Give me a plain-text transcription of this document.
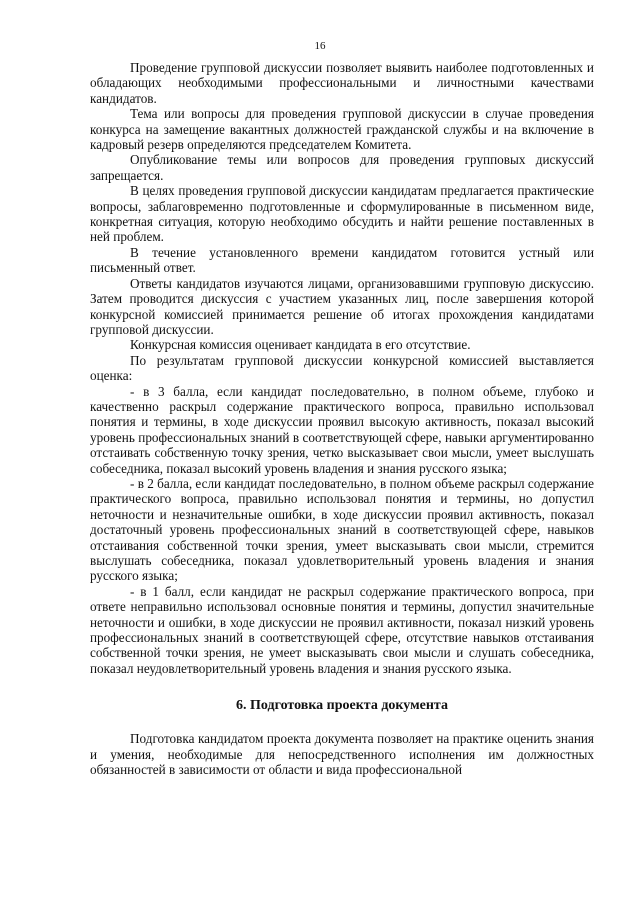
16

Проведение групповой дискуссии позволяет выявить наиболее подготовленных и обладающих необходимыми профессиональными и личностными качествами кандидатов.

Тема или вопросы для проведения групповой дискуссии в случае проведения конкурса на замещение вакантных должностей гражданской службы и на включение в кадровый резерв определяются председателем Комитета.

Опубликование темы или вопросов для проведения групповых дискуссий запрещается.

В целях проведения групповой дискуссии кандидатам предлагается практические вопросы, заблаговременно подготовленные и сформулированные в письменном виде, конкретная ситуация, которую необходимо обсудить и найти решение поставленных в ней проблем.

В течение установленного времени кандидатом готовится устный или письменный ответ.

Ответы кандидатов изучаются лицами, организовавшими групповую дискуссию. Затем проводится дискуссия с участием указанных лиц, после завершения которой конкурсной комиссией принимается решение об итогах прохождения кандидатами групповой дискуссии.

Конкурсная комиссия оценивает кандидата в его отсутствие.

По результатам групповой дискуссии конкурсной комиссией выставляется оценка:

- в 3 балла, если кандидат последовательно, в полном объеме, глубоко и качественно раскрыл содержание практического вопроса, правильно использовал понятия и термины, в ходе дискуссии проявил высокую активность, показал высокий уровень профессиональных знаний в соответствующей сфере, навыки аргументированно отстаивать собственную точку зрения, четко высказывает свои мысли, умеет выслушать собеседника, показал высокий уровень владения и знания русского языка;

- в 2 балла, если кандидат последовательно, в полном объеме раскрыл содержание практического вопроса, правильно использовал понятия и термины, но допустил неточности и незначительные ошибки, в ходе дискуссии проявил активность, показал достаточный уровень профессиональных знаний в соответствующей сфере, навыков отстаивания собственной точки зрения, умеет высказывать свои мысли, стремится выслушать собеседника, показал удовлетворительный уровень владения и знания русского языка;

- в 1 балл, если кандидат не раскрыл содержание практического вопроса, при ответе неправильно использовал основные понятия и термины, допустил значительные неточности и ошибки, в ходе дискуссии не проявил активности, показал низкий уровень профессиональных знаний в соответствующей сфере, отсутствие навыков отстаивания собственной точки зрения, не умеет высказывать свои мысли и слушать собеседника, показал неудовлетворительный уровень владения и знания русского языка.

6. Подготовка проекта документа

Подготовка кандидатом проекта документа позволяет на практике оценить знания и умения, необходимые для непосредственного исполнения им должностных обязанностей в зависимости от области и вида профессиональной
